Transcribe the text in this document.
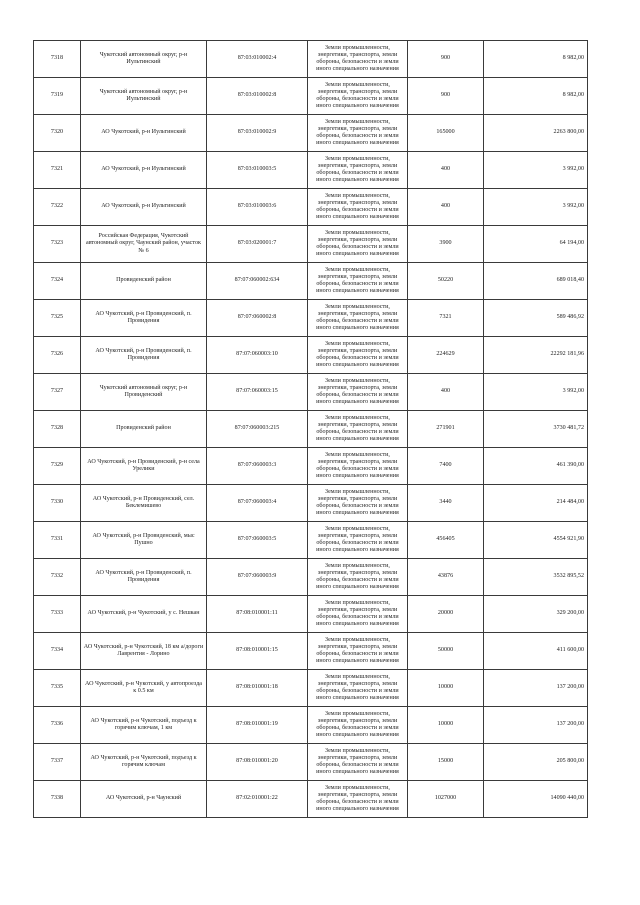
7318	Чукотский автономный округ, р-н Иультинский	87:03:010002:4	Земли промышленности, энергетики, транспорта, земли обороны, безопасности и земли иного специального назначения	900	8 982,00
7319	Чукотский автономный округ, р-н Иультинский	87:03:010002:8	Земли промышленности, энергетики, транспорта, земли обороны, безопасности и земли иного специального назначения	900	8 982,00
7320	АО Чукотский, р-н Иультинский	87:03:010002:9	Земли промышленности, энергетики, транспорта, земли обороны, безопасности и земли иного специального назначения	165000	2263 800,00
7321	АО Чукотский, р-н Иультинский	87:03:010003:5	Земли промышленности, энергетики, транспорта, земли обороны, безопасности и земли иного специального назначения	400	3 992,00
7322	АО Чукотский, р-н Иультинский	87:03:010003:6	Земли промышленности, энергетики, транспорта, земли обороны, безопасности и земли иного специального назначения	400	3 992,00
7323	Российская Федерация, Чукотский автономный округ, Чаунский район, участок № 6	87:03:020001:7	Земли промышленности, энергетики, транспорта, земли обороны, безопасности и земли иного специального назначения	3900	64 194,00
7324	Провиденский район	87:07:060002:634	Земли промышленности, энергетики, транспорта, земли обороны, безопасности и земли иного специального назначения	50220	689 018,40
7325	АО Чукотский, р-н Провиденский, п. Провидения	87:07:060002:8	Земли промышленности, энергетики, транспорта, земли обороны, безопасности и земли иного специального назначения	7321	589 486,92
7326	АО Чукотский, р-н Провиденский, п. Провидения	87:07:060003:10	Земли промышленности, энергетики, транспорта, земли обороны, безопасности и земли иного специального назначения	224629	22292 181,96
7327	Чукотский автономный округ, р-н Провиденский	87:07:060003:15	Земли промышленности, энергетики, транспорта, земли обороны, безопасности и земли иного специального назначения	400	3 992,00
7328	Провиденский район	87:07:060003:215	Земли промышленности, энергетики, транспорта, земли обороны, безопасности и земли иного специального назначения	271901	3730 481,72
7329	АО Чукотский, р-н Провиденский, р-н села Урелики	87:07:060003:3	Земли промышленности, энергетики, транспорта, земли обороны, безопасности и земли иного специального назначения	7400	461 390,00
7330	АО Чукотский, р-н Провиденский, сел. Беклемишево	87:07:060003:4	Земли промышленности, энергетики, транспорта, земли обороны, безопасности и земли иного специального назначения	3440	214 484,00
7331	АО Чукотский, р-н Провиденский, мыс Пушно	87:07:060003:5	Земли промышленности, энергетики, транспорта, земли обороны, безопасности и земли иного специального назначения	456405	4554 921,90
7332	АО Чукотский, р-н Провиденский, п. Провидения	87:07:060003:9	Земли промышленности, энергетики, транспорта, земли обороны, безопасности и земли иного специального назначения	43876	3532 895,52
7333	АО Чукотский, р-н Чукотский, у с. Нешкан	87:08:010001:11	Земли промышленности, энергетики, транспорта, земли обороны, безопасности и земли иного специального назначения	20000	329 200,00
7334	АО Чукотский, р-н Чукотский, 18 км а/дороги Лаврентия - Лорино	87:08:010001:15	Земли промышленности, энергетики, транспорта, земли обороны, безопасности и земли иного специального назначения	50000	411 600,00
7335	АО Чукотский, р-н Чукотский, у автопроезда к 0.5 км	87:08:010001:18	Земли промышленности, энергетики, транспорта, земли обороны, безопасности и земли иного специального назначения	10000	137 200,00
7336	АО Чукотский, р-н Чукотский, подъезд к горячим ключам, 1 км	87:08:010001:19	Земли промышленности, энергетики, транспорта, земли обороны, безопасности и земли иного специального назначения	10000	137 200,00
7337	АО Чукотский, р-н Чукотский, подъезд к горячим ключам	87:08:010001:20	Земли промышленности, энергетики, транспорта, земли обороны, безопасности и земли иного специального назначения	15000	205 800,00
7338	АО Чукотский, р-н Чаунский	87:02:010001:22	Земли промышленности, энергетики, транспорта, земли обороны, безопасности и земли иного специального назначения	1027000	14090 440,00
